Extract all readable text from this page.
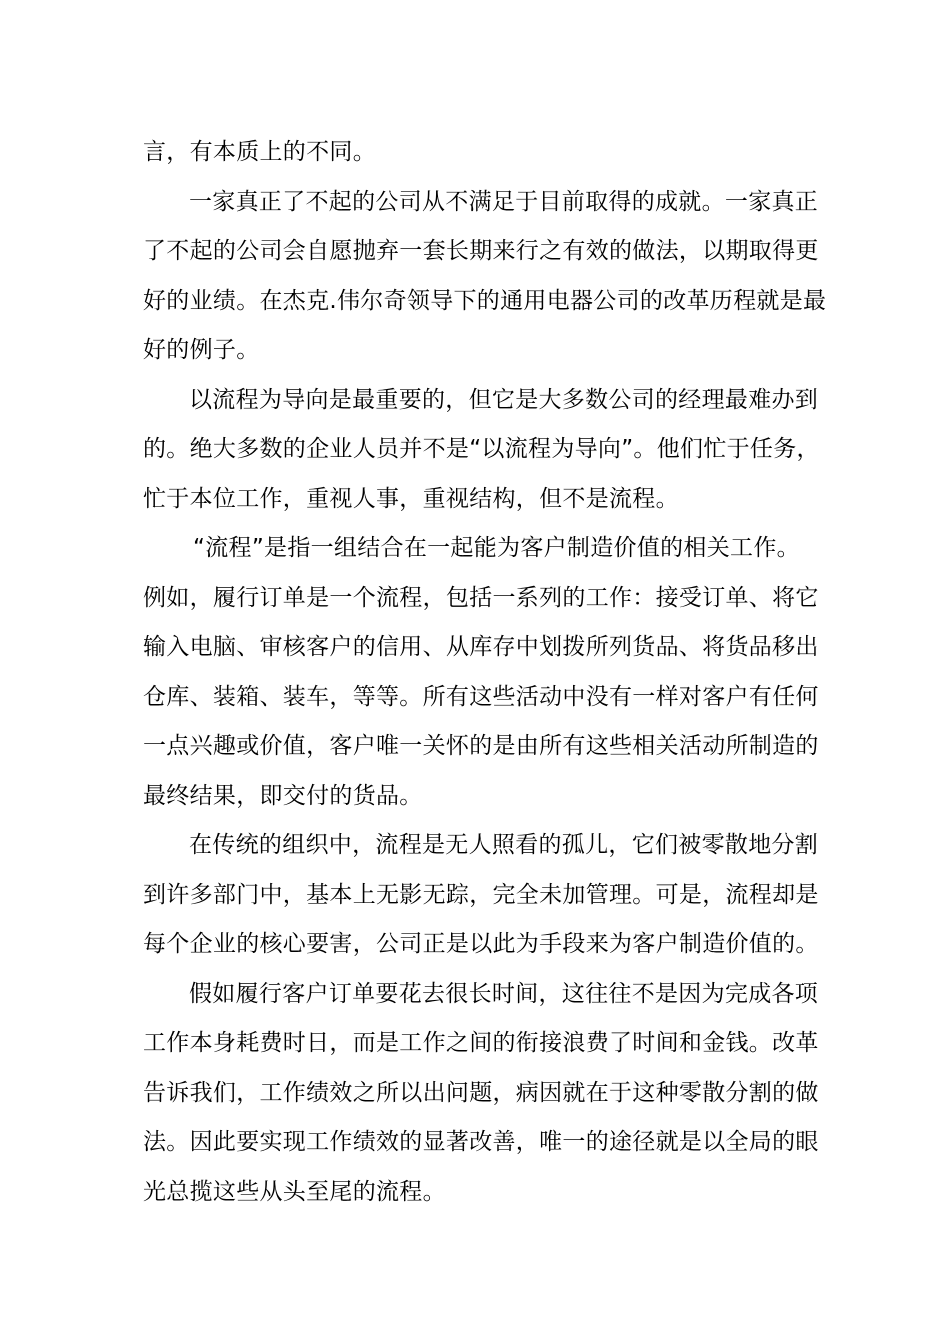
言，有本质上的不同。
一家真正了不起的公司从不满足于目前取得的成就。一家真正
了不起的公司会自愿抛弃一套长期来行之有效的做法，以期取得更
好的业绩。在杰克.伟尔奇领导下的通用电器公司的改革历程就是最
好的例子。
以流程为导向是最重要的，但它是大多数公司的经理最难办到
的。绝大多数的企业人员并不是“以流程为导向”。他们忙于任务，
忙于本位工作，重视人事，重视结构，但不是流程。
“流程”是指一组结合在一起能为客户制造价值的相关工作。
例如，履行订单是一个流程，包括一系列的工作：接受订单、将它
输入电脑、审核客户的信用、从库存中划拨所列货品、将货品移出
仓库、装箱、装车，等等。所有这些活动中没有一样对客户有任何
一点兴趣或价值，客户唯一关怀的是由所有这些相关活动所制造的
最终结果，即交付的货品。
在传统的组织中，流程是无人照看的孤儿，它们被零散地分割
到许多部门中，基本上无影无踪，完全未加管理。可是，流程却是
每个企业的核心要害，公司正是以此为手段来为客户制造价值的。
假如履行客户订单要花去很长时间，这往往不是因为完成各项
工作本身耗费时日，而是工作之间的衔接浪费了时间和金钱。改革
告诉我们，工作绩效之所以出问题，病因就在于这种零散分割的做
法。因此要实现工作绩效的显著改善，唯一的途径就是以全局的眼
光总揽这些从头至尾的流程。
